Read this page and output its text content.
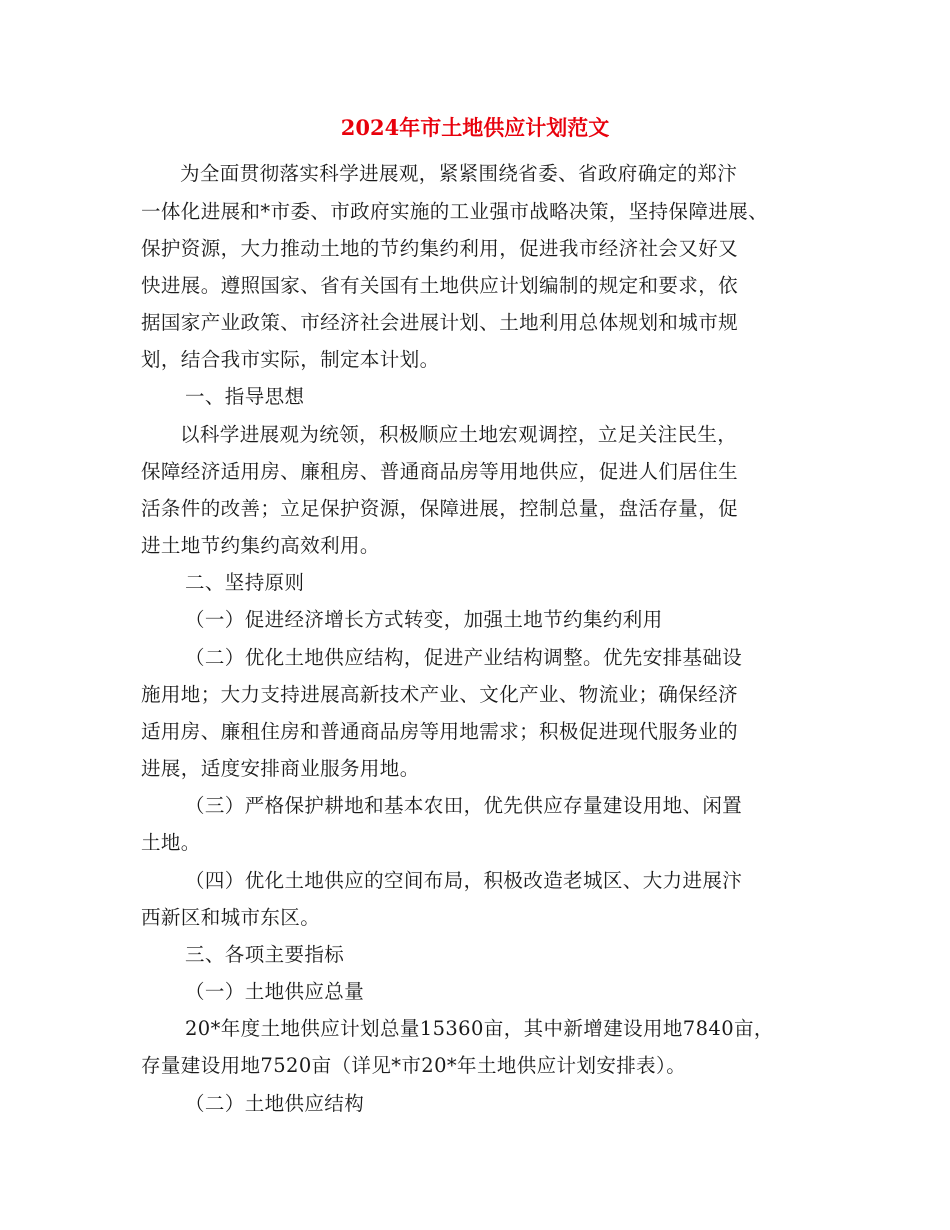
2024年市土地供应计划范文
为全面贯彻落实科学进展观，紧紧围绕省委、省政府确定的郑汴
一体化进展和*市委、市政府实施的工业强市战略决策，坚持保障进展、
保护资源，大力推动土地的节约集约利用，促进我市经济社会又好又
快进展。遵照国家、省有关国有土地供应计划编制的规定和要求，依
据国家产业政策、市经济社会进展计划、土地利用总体规划和城市规
划，结合我市实际，制定本计划。
一、指导思想
以科学进展观为统领，积极顺应土地宏观调控，立足关注民生，
保障经济适用房、廉租房、普通商品房等用地供应，促进人们居住生
活条件的改善；立足保护资源，保障进展，控制总量，盘活存量，促
进土地节约集约高效利用。
二、坚持原则
（一）促进经济增长方式转变，加强土地节约集约利用
（二）优化土地供应结构，促进产业结构调整。优先安排基础设
施用地；大力支持进展高新技术产业、文化产业、物流业；确保经济
适用房、廉租住房和普通商品房等用地需求；积极促进现代服务业的
进展，适度安排商业服务用地。
（三）严格保护耕地和基本农田，优先供应存量建设用地、闲置
土地。
（四）优化土地供应的空间布局，积极改造老城区、大力进展汴
西新区和城市东区。
三、各项主要指标
（一）土地供应总量
20*年度土地供应计划总量15360亩，其中新增建设用地7840亩，
存量建设用地7520亩（详见*市20*年土地供应计划安排表）。
（二）土地供应结构
